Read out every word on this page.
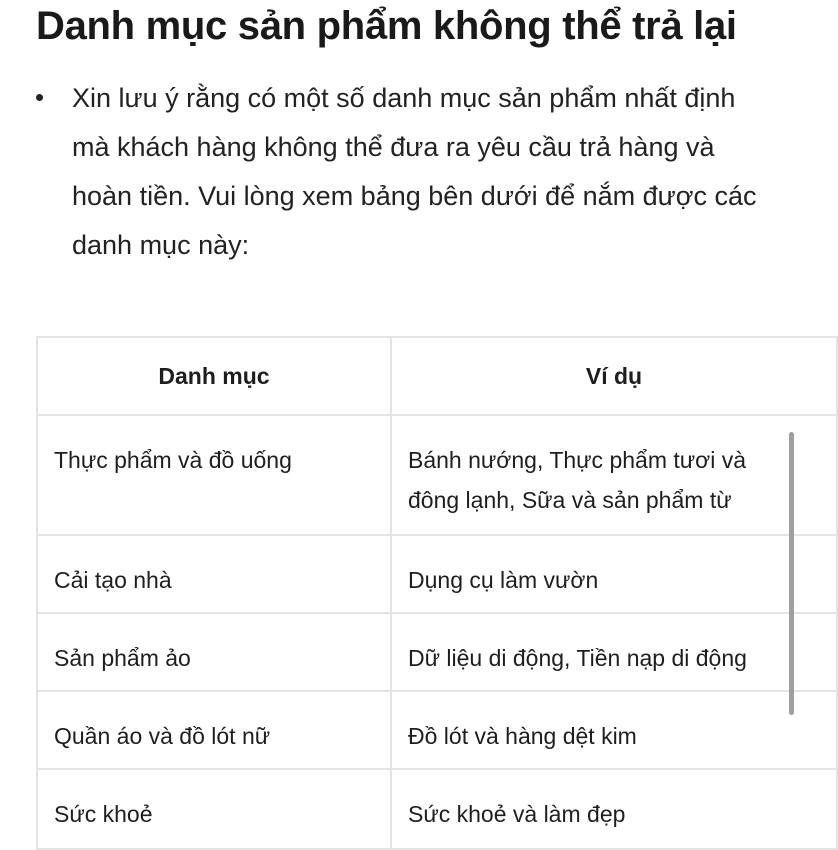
Danh mục sản phẩm không thể trả lại

Xin lưu ý rằng có một số danh mục sản phẩm nhất định mà khách hàng không thể đưa ra yêu cầu trả hàng và hoàn tiền. Vui lòng xem bảng bên dưới để nắm được các danh mục này:

Danh mục	Ví dụ

Thực phẩm và đồ uống	Bánh nướng, Thực phẩm tươi và
đông lạnh, Sữa và sản phẩm từ

Cải tạo nhà	Dụng cụ làm vườn

Sản phẩm ảo	Dữ liệu di động, Tiền nạp di động

Quần áo và đồ lót nữ	Đồ lót và hàng dệt kim

Sức khoẻ	Sức khoẻ và làm đẹp
